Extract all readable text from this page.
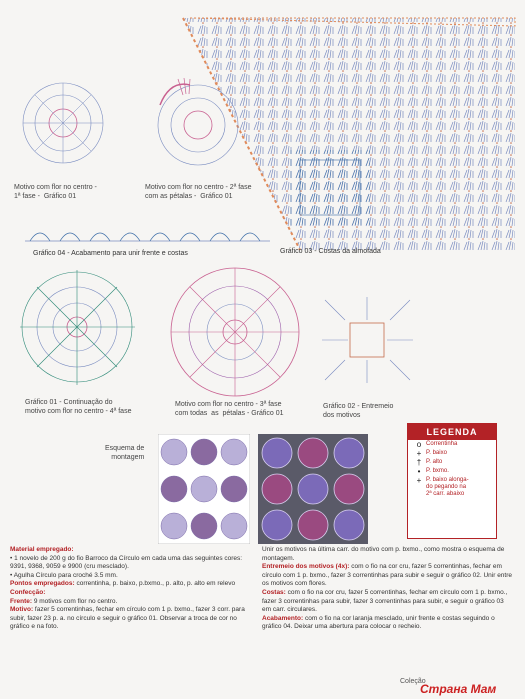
Motivo com flor no centro -
1ª fase -  Gráfico 01
Motivo com flor no centro - 2ª fase
com as pétalas -  Gráfico 01
Gráfico 04 - Acabamento para unir frente e costas	Gráfico 03 - Costas da almofada
Gráfico 01 - Continuação do
motivo com flor no centro - 4ª fase
Motivo com flor no centro - 3ª fase
com todas  as  pétalas - Gráfico 01
Gráfico 02 - Entremeio
dos motivos
Esquema de
montagem
LEGENDA
o Correntinha
+ P. baixo
† P. alto
• P. bxmo.
+ P. baixo alonga-
do pegando na
2ª carr. abaixo

Material empregado:

• 1 novelo de 200 g do fio Barroco da Círculo em cada uma das seguintes cores: 9391, 9368, 9059 e 9900 (cru mesclado).

• Agulha Círculo para croché 3.5 mm.

Pontos empregados: correntinha, p. baixo, p.bxmo., p. alto, p. alto em relevo

Confecção:

Frente: 9 motivos com flor no centro.

Motivo: fazer 5 correntinhas, fechar em círculo com 1 p. bxmo., fazer 3 corr. para subir, fazer 23 p. a. no círculo e seguir o gráfico 01. Observar a troca de cor no gráfico e na foto.

Unir os motivos na última carr. do motivo com p. bxmo., como mostra o esquema de montagem.

Entremeio dos motivos (4x): com o fio na cor cru, fazer 5 correntinhas, fechar em círculo com 1 p. bxmo., fazer 3 correntinhas para subir e seguir o gráfico 02. Unir entre os motivos com flores.

Costas: com o fio na cor cru, fazer 5 correntinhas, fechar em círculo com 1 p. bxmo., fazer 3 correntinhas para subir, fazer 3 correntinhas para subir, e seguir o gráfico 03 em carr. circulares.

Acabamento: com o fio na cor laranja mesclado, unir frente e costas seguindo o gráfico 04. Deixar uma abertura para colocar o recheio.

Coleção
Страна Мам
